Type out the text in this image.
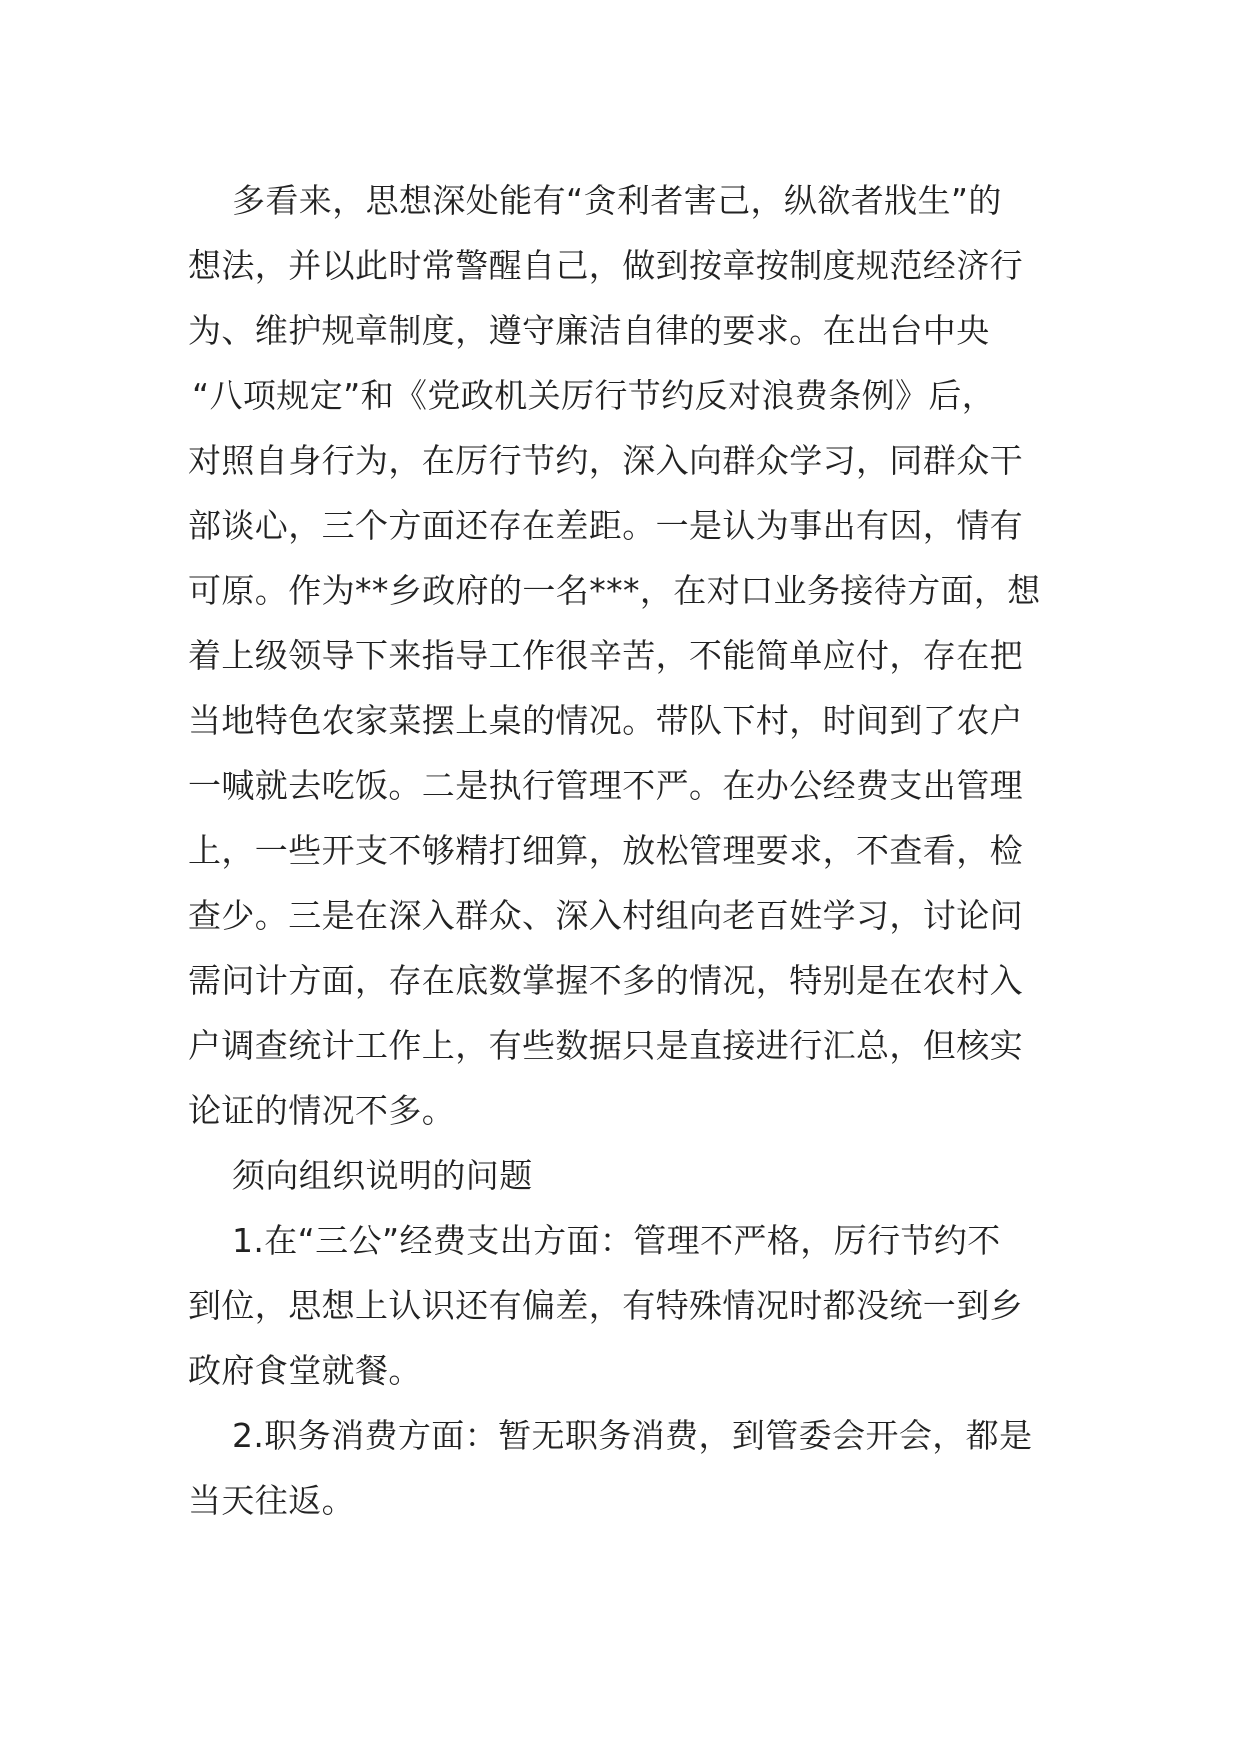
多看来，思想深处能有“贪利者害己，纵欲者戕生”的
想法，并以此时常警醒自己，做到按章按制度规范经济行
为、维护规章制度，遵守廉洁自律的要求。在出台中央
“八项规定”和《党政机关厉行节约反对浪费条例》后，
对照自身行为，在厉行节约，深入向群众学习，同群众干
部谈心，三个方面还存在差距。一是认为事出有因，情有
可原。作为**乡政府的一名***，在对口业务接待方面，想
着上级领导下来指导工作很辛苦，不能简单应付，存在把
当地特色农家菜摆上桌的情况。带队下村，时间到了农户
一喊就去吃饭。二是执行管理不严。在办公经费支出管理
上，一些开支不够精打细算，放松管理要求，不查看，检
查少。三是在深入群众、深入村组向老百姓学习，讨论问
需问计方面，存在底数掌握不多的情况，特别是在农村入
户调查统计工作上，有些数据只是直接进行汇总，但核实
论证的情况不多。
须向组织说明的问题
1.在“三公”经费支出方面：管理不严格，厉行节约不
到位，思想上认识还有偏差，有特殊情况时都没统一到乡
政府食堂就餐。
2.职务消费方面：暂无职务消费，到管委会开会，都是
当天往返。
